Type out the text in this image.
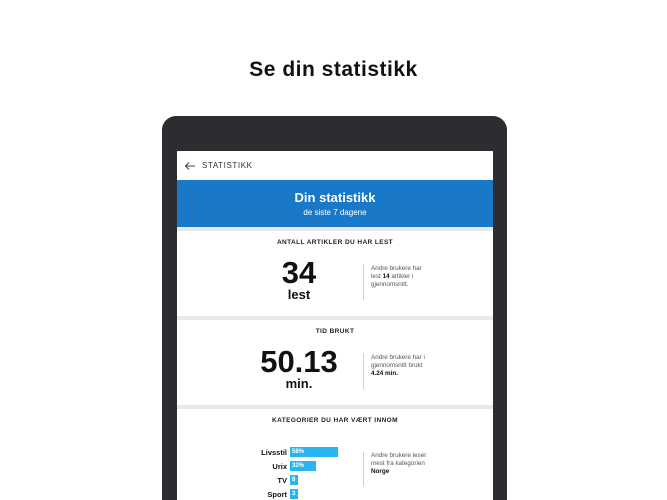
Se din statistikk
STATISTIKK
Din statistikk
de siste 7 dagene
ANTALL ARTIKLER DU HAR LEST
34
lest
Andre brukere har lest 14 artikler i gjennomsnitt.
TID BRUKT
50.13
min.
Andre brukere har i gjennomsnitt brukt 4.24 min.
KATEGORIER DU HAR VÆRT INNOM
Livsstil 58%
Urix 32%
TV 8
Sport 3
Andre brukere leser mest fra kategorien Norge
